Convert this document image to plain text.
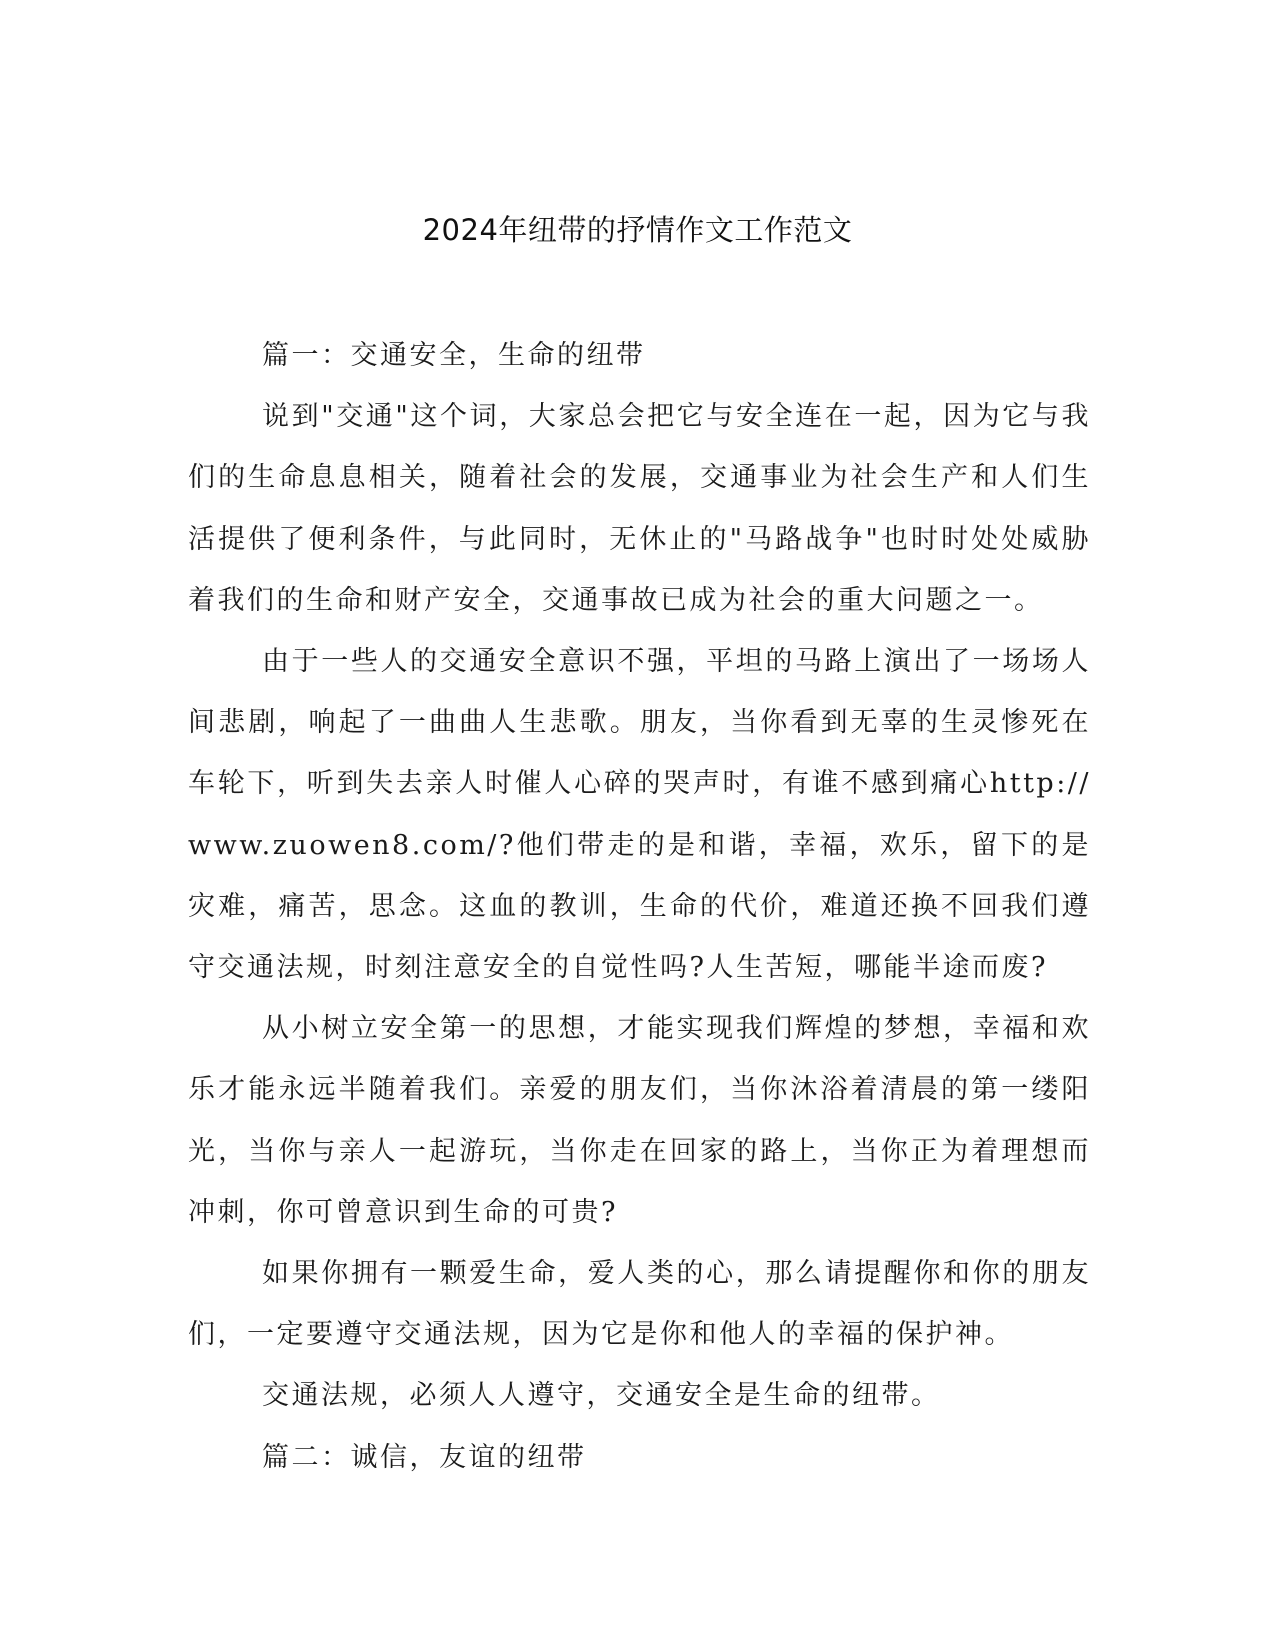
2024年纽带的抒情作文工作范文

篇一：交通安全，生命的纽带

说到"交通"这个词，大家总会把它与安全连在一起，因为它与我们的生命息息相关，随着社会的发展，交通事业为社会生产和人们生活提供了便利条件，与此同时，无休止的"马路战争"也时时处处威胁着我们的生命和财产安全，交通事故已成为社会的重大问题之一。

由于一些人的交通安全意识不强，平坦的马路上演出了一场场人间悲剧，响起了一曲曲人生悲歌。朋友，当你看到无辜的生灵惨死在车轮下，听到失去亲人时催人心碎的哭声时，有谁不感到痛心http://www.zuowen8.com/?他们带走的是和谐，幸福，欢乐，留下的是灾难，痛苦，思念。这血的教训，生命的代价，难道还换不回我们遵守交通法规，时刻注意安全的自觉性吗?人生苦短，哪能半途而废?

从小树立安全第一的思想，才能实现我们辉煌的梦想，幸福和欢乐才能永远半随着我们。亲爱的朋友们，当你沐浴着清晨的第一缕阳光，当你与亲人一起游玩，当你走在回家的路上，当你正为着理想而冲刺，你可曾意识到生命的可贵?

如果你拥有一颗爱生命，爱人类的心，那么请提醒你和你的朋友们，一定要遵守交通法规，因为它是你和他人的幸福的保护神。

交通法规，必须人人遵守，交通安全是生命的纽带。

篇二：诚信，友谊的纽带
